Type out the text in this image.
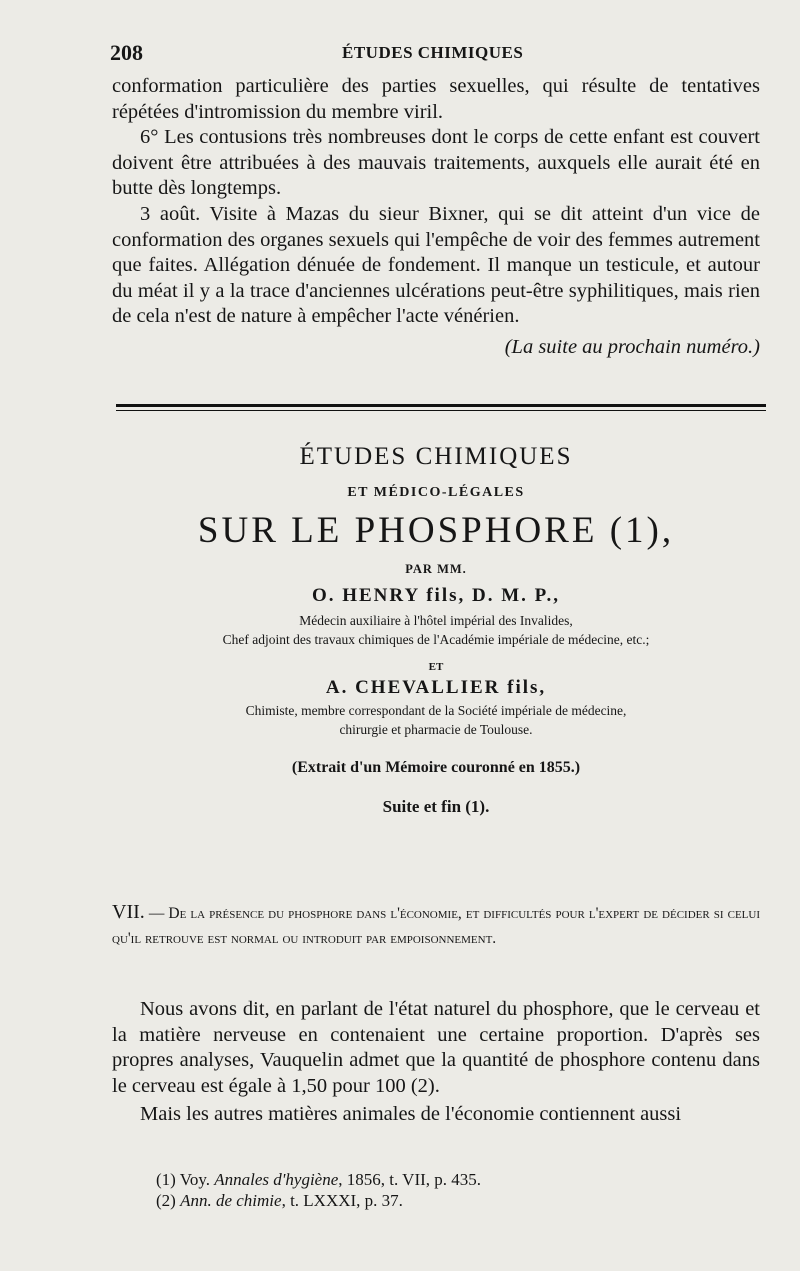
208	ÉTUDES CHIMIQUES

conformation particulière des parties sexuelles, qui résulte de tentatives répétées d'intromission du membre viril.

6° Les contusions très nombreuses dont le corps de cette enfant est couvert doivent être attribuées à des mauvais traitements, auxquels elle aurait été en butte dès longtemps.

3 août. Visite à Mazas du sieur Bixner, qui se dit atteint d'un vice de conformation des organes sexuels qui l'empêche de voir des femmes autrement que faites. Allégation dénuée de fondement. Il manque un testicule, et autour du méat il y a la trace d'anciennes ulcérations peut-être syphilitiques, mais rien de cela n'est de nature à empêcher l'acte vénérien.

(La suite au prochain numéro.)

ÉTUDES CHIMIQUES

ET MÉDICO-LÉGALES

SUR LE PHOSPHORE (1),

PAR MM.

O. HENRY fils, D. M. P.,

Médecin auxiliaire à l'hôtel impérial des Invalides,

Chef adjoint des travaux chimiques de l'Académie impériale de médecine, etc.;

ET

A. CHEVALLIER fils,

Chimiste, membre correspondant de la Société impériale de médecine,

chirurgie et pharmacie de Toulouse.

(Extrait d'un Mémoire couronné en 1855.)

Suite et fin (1).

VII. — De la présence du phosphore dans l'économie, et difficultés pour l'expert de décider si celui qu'il retrouve est normal ou introduit par empoisonnement.

Nous avons dit, en parlant de l'état naturel du phosphore, que le cerveau et la matière nerveuse en contenaient une certaine proportion. D'après ses propres analyses, Vauquelin admet que la quantité de phosphore contenu dans le cerveau est égale à 1,50 pour 100 (2).

Mais les autres matières animales de l'économie contiennent aussi

(1) Voy. Annales d'hygiène, 1856, t. VII, p. 435.

(2) Ann. de chimie, t. LXXXI, p. 37.
